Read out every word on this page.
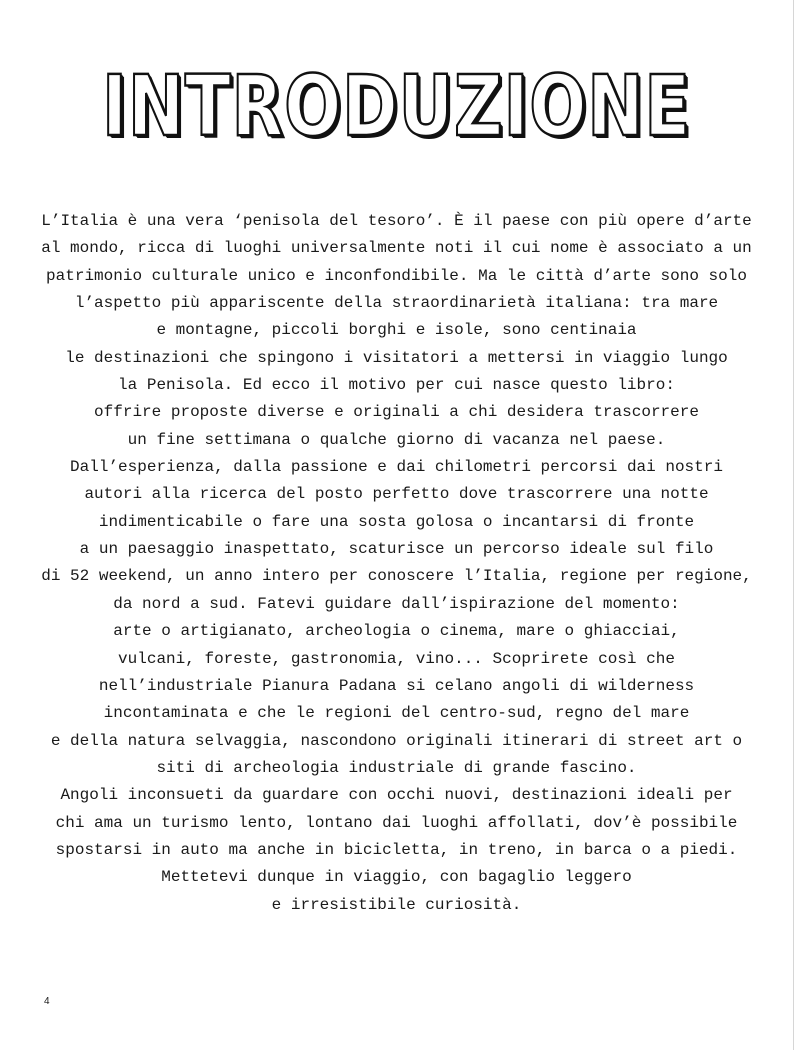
INTRODUZIONE
L’Italia è una vera ‘penisola del tesoro’. È il paese con più opere d’arte
al mondo, ricca di luoghi universalmente noti il cui nome è associato a un
patrimonio culturale unico e inconfondibile. Ma le città d’arte sono solo
l’aspetto più appariscente della straordinarietà italiana: tra mare
e montagne, piccoli borghi e isole, sono centinaia
le destinazioni che spingono i visitatori a mettersi in viaggio lungo
la Penisola. Ed ecco il motivo per cui nasce questo libro:
offrire proposte diverse e originali a chi desidera trascorrere
un fine settimana o qualche giorno di vacanza nel paese.
Dall’esperienza, dalla passione e dai chilometri percorsi dai nostri
autori alla ricerca del posto perfetto dove trascorrere una notte
indimenticabile o fare una sosta golosa o incantarsi di fronte
a un paesaggio inaspettato, scaturisce un percorso ideale sul filo
di 52 weekend, un anno intero per conoscere l’Italia, regione per regione,
da nord a sud. Fatevi guidare dall’ispirazione del momento:
arte o artigianato, archeologia o cinema, mare o ghiacciai,
vulcani, foreste, gastronomia, vino... Scoprirete così che
nell’industriale Pianura Padana si celano angoli di wilderness
incontaminata e che le regioni del centro-sud, regno del mare
e della natura selvaggia, nascondono originali itinerari di street art o
siti di archeologia industriale di grande fascino.
Angoli inconsueti da guardare con occhi nuovi, destinazioni ideali per
chi ama un turismo lento, lontano dai luoghi affollati, dov’è possibile
spostarsi in auto ma anche in bicicletta, in treno, in barca o a piedi.
Mettetevi dunque in viaggio, con bagaglio leggero
e irresistibile curiosità.
4
